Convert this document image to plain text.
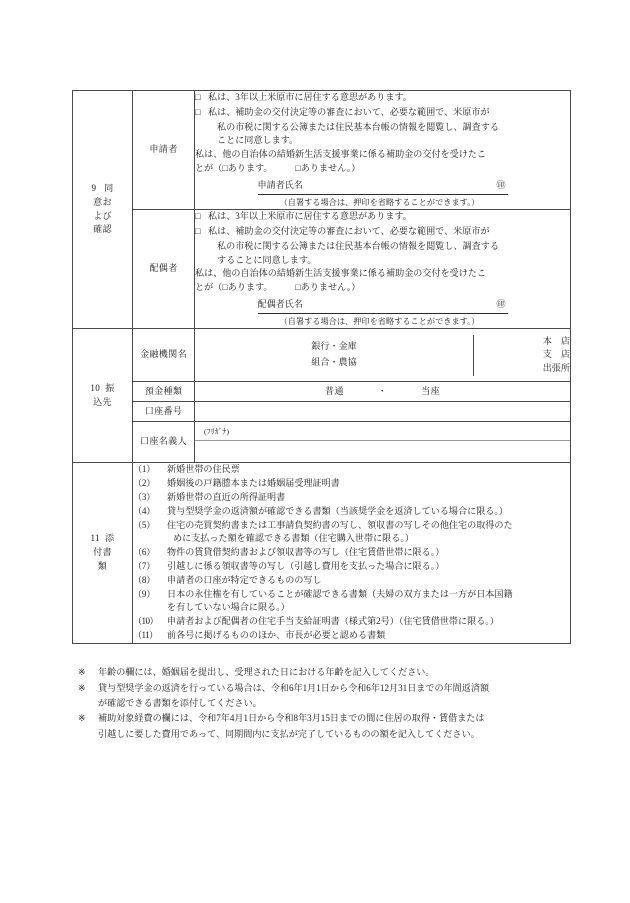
9 同
意お
よび
確認
	申請者	
□ 私は、3年以上米原市に居住する意思があります。
□ 私は、補助金の交付決定等の審査において、必要な範囲で、米原市が
私の市税に関する公簿または住民基本台帳の情報を閲覧し、調査する
ことに同意します。
私は、他の自治体の結婚新生活支援事業に係る補助金の交付を受けたこ
とが（□あります。　　　□ありません。）
申請者氏名	㊞
（自署する場合は、押印を省略することができます。）

配偶者	
□ 私は、3年以上米原市に居住する意思があります。
□ 私は、補助金の交付決定等の審査において、必要な範囲で、米原市が
私の市税に関する公簿または住民基本台帳の情報を閲覧し、調査する
することに同意します。
私は、他の自治体の結婚新生活支援事業に係る補助金の交付を受けたこ
とが（□あります。　　　□ありません。）
配偶者氏名	㊞
（自署する場合は、押印を省略することができます。）

10 振
込先
	金融機関名	
銀行・金庫
組合・農協

本　店
支　店
出張所

預金種類	普通	・	当座
口座番号	
口座名義人	
(ﾌﾘｶﾞﾅ)

11 添
付書
類

（1） 新婚世帯の住民票
（2） 婚姻後の戸籍謄本または婚姻届受理証明書
（3） 新婚世帯の直近の所得証明書
（4） 貸与型奨学金の返済額が確認できる書類（当該奨学金を返済している場合に限る。）
（5） 住宅の売買契約書または工事請負契約書の写し、領収書の写しその他住宅の取得のた
めに支払った額を確認できる書類（住宅購入世帯に限る。）
（6） 物件の賃貸借契約書および領収書等の写し（住宅賃借世帯に限る。）
（7） 引越しに係る領収書等の写し（引越し費用を支払った場合に限る。）
（8） 申請者の口座が特定できるものの写し
（9） 日本の永住権を有していることが確認できる書類（夫婦の双方または一方が日本国籍
を有していない場合に限る。）
（10） 申請者および配偶者の住宅手当支給証明書（様式第2号）（住宅賃借世帯に限る。）
（11） 前各号に掲げるもののほか、市長が必要と認める書類
※ 年齢の欄には、婚姻届を提出し、受理された日における年齢を記入してください。
※ 貸与型奨学金の返済を行っている場合は、令和6年1月1日から令和6年12月31日までの年間返済額
が確認できる書類を添付してください。
※ 補助対象経費の欄には、令和7年4月1日から令和8年3月15日までの間に住居の取得・賃借または
引越しに要した費用であって、同期間内に支払が完了しているものの額を記入してください。
